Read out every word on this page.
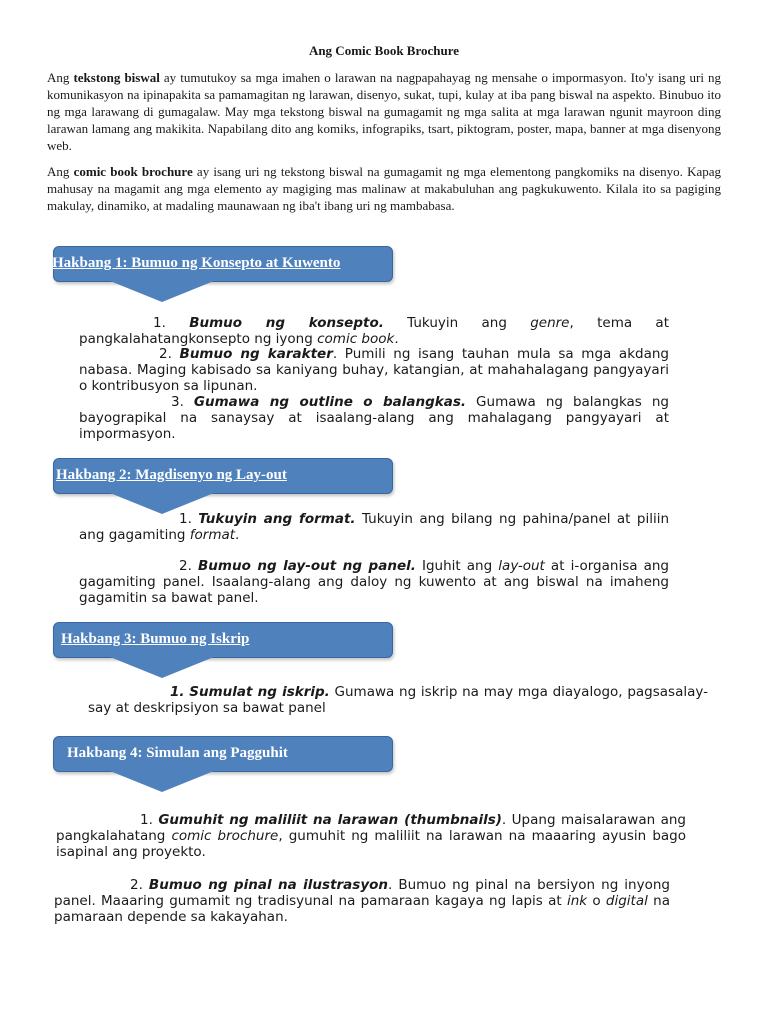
Ang Comic Book Brochure

Ang tekstong biswal ay tumutukoy sa mga imahen o larawan na nagpapahayag ng mensahe o impormasyon. Ito'y isang uri ng komunikasyon na ipinapakita sa pamamagitan ng larawan, disenyo, sukat, tupi, kulay at iba pang biswal na aspekto. Binubuo ito ng mga larawang di gumagalaw. May mga tekstong biswal na gumagamit ng mga salita at mga larawan ngunit mayroon ding larawan lamang ang makikita. Napabilang dito ang komiks, infograpiks, tsart, piktogram, poster, mapa, banner at mga disenyong web.

Ang comic book brochure ay isang uri ng tekstong biswal na gumagamit ng mga elementong pangkomiks na disenyo. Kapag mahusay na magamit ang mga elemento ay magiging mas malinaw at makabuluhan ang pagkukuwento. Kilala ito sa pagiging makulay, dinamiko, at madaling maunawaan ng iba't ibang uri ng mambabasa.

Hakbang 1: Bumuo ng Konsepto at Kuwento

1. Bumuo ng konsepto. Tukuyin ang genre, tema at pangkalahatangkonsepto ng iyong comic book.

2. Bumuo ng karakter. Pumili ng isang tauhan mula sa mga akdang nabasa. Maging kabisado sa kaniyang buhay, katangian, at mahahalagang pangyayari o kontribusyon sa lipunan.

3. Gumawa ng outline o balangkas. Gumawa ng balangkas ng bayograpikal na sanaysay at isaalang-alang ang mahalagang pangyayari at impormasyon.

Hakbang 2: Magdisenyo ng Lay-out

1. Tukuyin ang format. Tukuyin ang bilang ng pahina/panel at piliin ang gagamiting format.

2. Bumuo ng lay-out ng panel. Iguhit ang lay-out at i-organisa ang gagamiting panel. Isaalang-alang ang daloy ng kuwento at ang biswal na imaheng gagamitin sa bawat panel.

Hakbang 3: Bumuo ng Iskrip

1. Sumulat ng iskrip. Gumawa ng iskrip na may mga diayalogo, pagsasalay-say at deskripsiyon sa bawat panel

Hakbang 4: Simulan ang Pagguhit

1. Gumuhit ng maliliit na larawan (thumbnails). Upang maisalarawan ang pangkalahatang comic brochure, gumuhit ng maliliit na larawan na maaaring ayusin bago isapinal ang proyekto.

2. Bumuo ng pinal na ilustrasyon. Bumuo ng pinal na bersiyon ng inyong panel. Maaaring gumamit ng tradisyunal na pamaraan kagaya ng lapis at ink o digital na pamaraan depende sa kakayahan.
